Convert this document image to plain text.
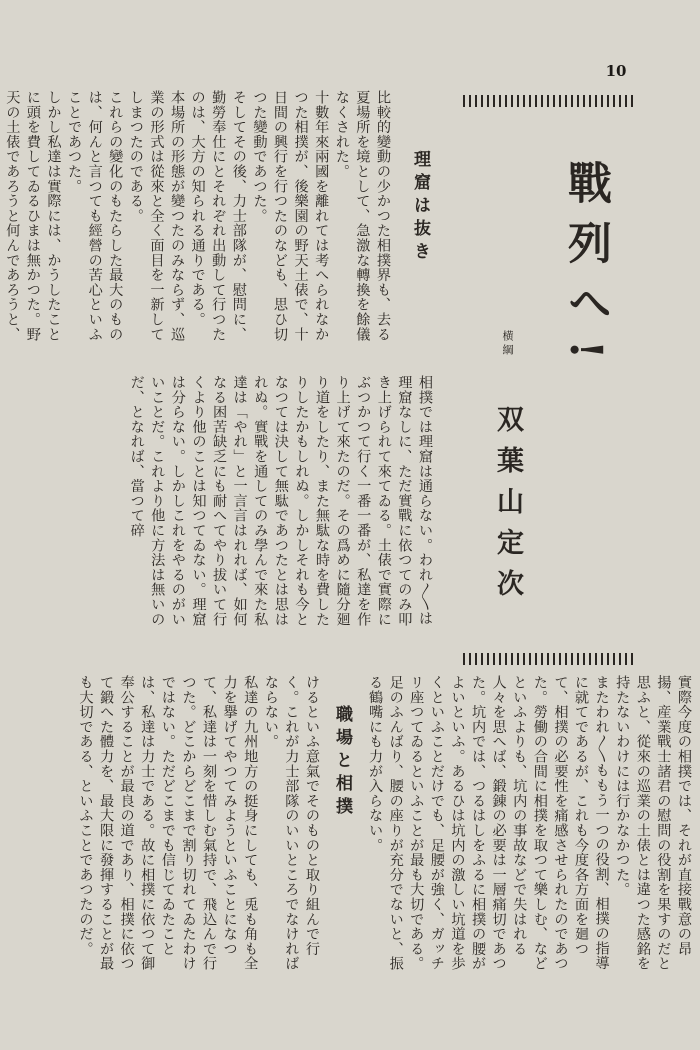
10
戰列へ!
横綱
双葉山定次
理窟は抜き
職場と相撲

比較的變動の少かつた相撲界も、去る夏場所を境として、急激な轉換を餘儀なくされた。

十數年來兩國を離れては考へられなかつた相撲が、後樂園の野天土俵で、十日間の興行を行つたのなども、思ひ切つた變動であつた。

そしてその後、力士部隊が、慰問に、勤勞奉仕にとそれぞれ出動して行つたのは、大方の知られる通りである。

本場所の形態が變つたのみならず、巡業の形式は從來と全く面目を一新してしまつたのである。

これらの變化のもたらした最大のものは、何んと言つても經營の苦心といふことであつた。

しかし私達は實際には、かうしたことに頭を費してゐるひまは無かつた。野天の土俵であろうと何んであろうと、

相撲では理窟は通らない。われ〳〵は理窟なしに、ただ實戰に依つてのみ叩き上げられて來てゐる。土俵で實際にぶつかつて行く一番一番が、私達を作り上げて來たのだ。その爲めに隨分廻り道をしたり、また無駄な時を費したりしたかもしれぬ。しかしそれも今となつては決して無駄であつたとは思はれぬ。實戰を通してのみ學んで來た私達は「やれ」と一言言はれれば、如何なる困苦缺乏にも耐へてやり拔いて行くより他のことは知つてゐない。理窟は分らない。しかしこれをやるのがいいことだ。これより他に方法は無いのだ、となれば、當つて碎

實際今度の相撲では、それが直接戰意の昂揚、産業戰士諸君の慰問の役割を果すのだと思ふと、從來の巡業の土俵とは違つた感銘を持たないわけには行かなかつた。

またわれ〳〵ももう一つの役割、相撲の指導に就てであるが、これも今度各方面を廻つて、相撲の必要性を痛感させられたのであつた。勞働の合間に相撲を取つて樂しむ、などといふよりも、坑内の事故などで失はれる人々を思へば、鍛錬の必要は一層痛切であつた。坑内では、つるはしをふるに相撲の腰がよいといふ。あるひは坑内の激しい坑道を歩くといふことだけでも、足腰が強く、ガッチリ座つてゐるといふことが最も大切である。足のふんばり、腰の座りが充分でないと、振る鶴嘴にも力が入らない。

けるといふ意氣でそのものと取り組んで行く。これが力士部隊のいいところでなければならない。

私達の九州地方の挺身にしても、兎も角も全力を擧げてやつてみようといふことになつて、私達は一刻を惜しむ氣持で、飛込んで行つた。どこからどこまで割り切れてゐたわけではない。ただどこまでも信じてゐたことは、私達は力士である。故に相撲に依つて御奉公することが最良の道であり、相撲に依つて鍛へた體力を、最大限に發揮することが最も大切である、といふことであつたのだ。
